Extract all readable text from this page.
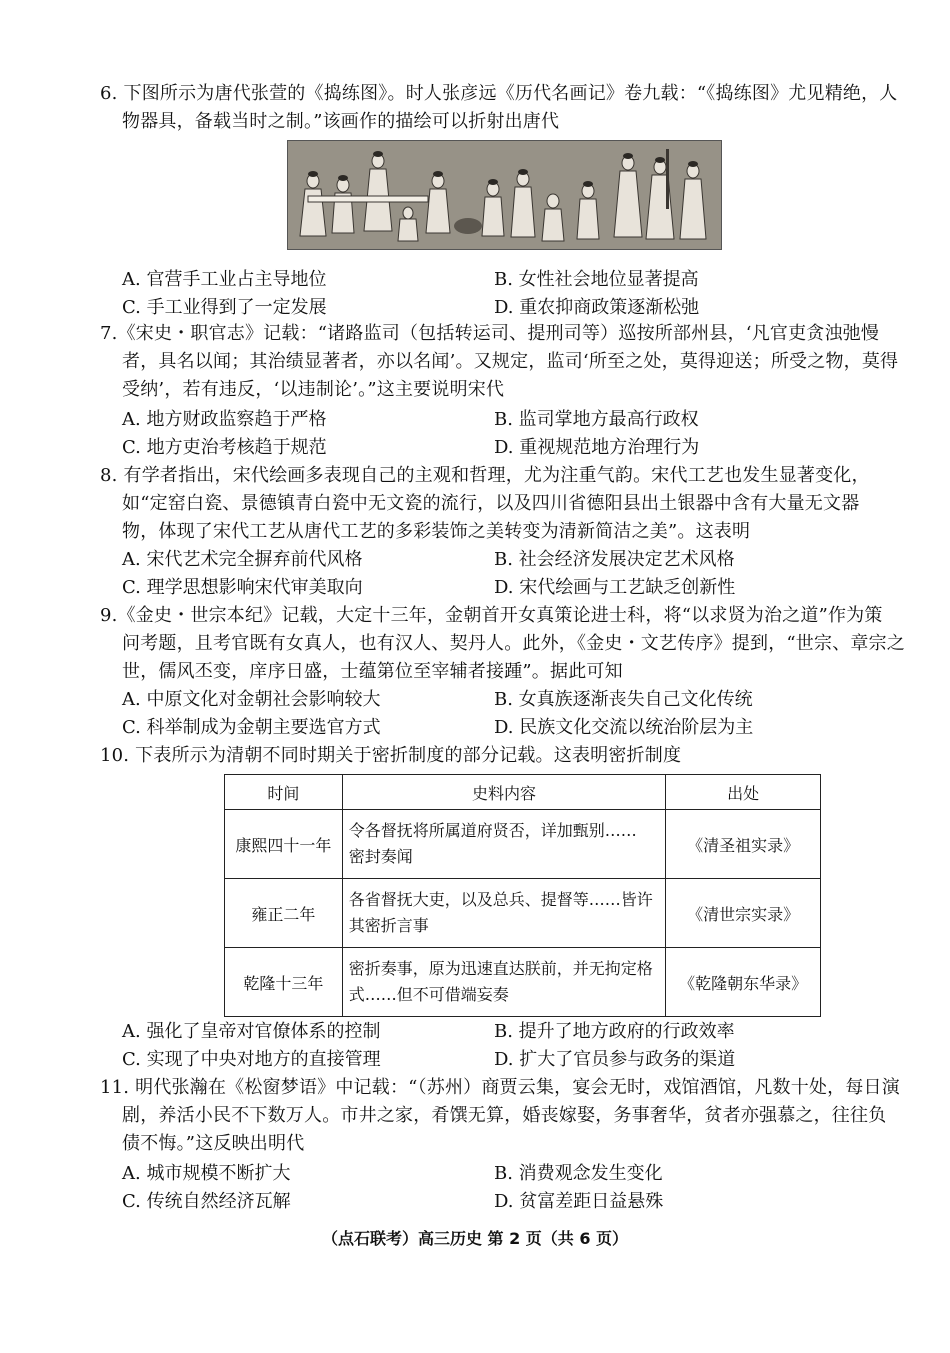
6. 下图所示为唐代张萱的《捣练图》。时人张彦远《历代名画记》卷九载：“《捣练图》尤见精绝，人
物器具，备载当时之制。”该画作的描绘可以折射出唐代
A. 官营手工业占主导地位	B. 女性社会地位显著提高
C. 手工业得到了一定发展	D. 重农抑商政策逐渐松弛
7.《宋史・职官志》记载：“诸路监司（包括转运司、提刑司等）巡按所部州县，‘凡官吏贪浊弛慢
者，具名以闻；其治绩显著者，亦以名闻’。又规定，监司‘所至之处，莫得迎送；所受之物，莫得
受纳’，若有违反，‘以违制论’。”这主要说明宋代
A. 地方财政监察趋于严格	B. 监司掌地方最高行政权
C. 地方吏治考核趋于规范	D. 重视规范地方治理行为
8. 有学者指出，宋代绘画多表现自己的主观和哲理，尤为注重气韵。宋代工艺也发生显著变化，
如“定窑白瓷、景德镇青白瓷中无文瓷的流行，以及四川省德阳县出土银器中含有大量无文器
物，体现了宋代工艺从唐代工艺的多彩装饰之美转变为清新简洁之美”。这表明
A. 宋代艺术完全摒弃前代风格	B. 社会经济发展决定艺术风格
C. 理学思想影响宋代审美取向	D. 宋代绘画与工艺缺乏创新性
9.《金史・世宗本纪》记载，大定十三年，金朝首开女真策论进士科，将“以求贤为治之道”作为策
问考题，且考官既有女真人，也有汉人、契丹人。此外，《金史・文艺传序》提到，“世宗、章宗之
世，儒风丕变，庠序日盛，士蕴第位至宰辅者接踵”。据此可知
A. 中原文化对金朝社会影响较大	B. 女真族逐渐丧失自己文化传统
C. 科举制成为金朝主要选官方式	D. 民族文化交流以统治阶层为主
10. 下表所示为清朝不同时期关于密折制度的部分记载。这表明密折制度
时间	史料内容	出处
康熙四十一年	令各督抚将所属道府贤否，详加甄别……
密封奏闻	《清圣祖实录》
雍正二年	各省督抚大吏，以及总兵、提督等……皆许
其密折言事	《清世宗实录》
乾隆十三年	密折奏事，原为迅速直达朕前，并无拘定格
式……但不可借端妄奏	《乾隆朝东华录》
A. 强化了皇帝对官僚体系的控制	B. 提升了地方政府的行政效率
C. 实现了中央对地方的直接管理	D. 扩大了官员参与政务的渠道
11. 明代张瀚在《松窗梦语》中记载：“（苏州）商贾云集，宴会无时，戏馆酒馆，凡数十处，每日演
剧，养活小民不下数万人。市井之家，肴馔无算，婚丧嫁娶，务事奢华，贫者亦强慕之，往往负
债不悔。”这反映出明代
A. 城市规模不断扩大	B. 消费观念发生变化
C. 传统自然经济瓦解	D. 贫富差距日益悬殊
（点石联考）高三历史 第 2 页（共 6 页）
